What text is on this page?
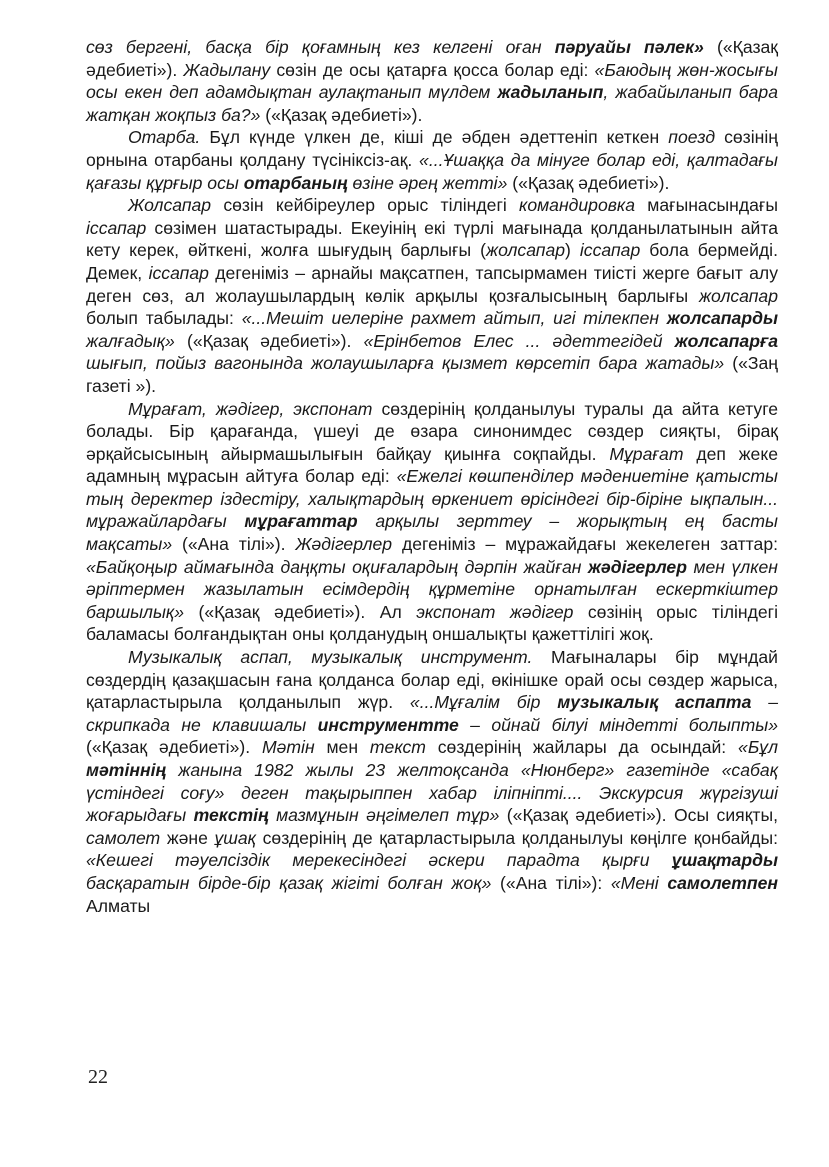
сөз бергені, басқа бір қоғамның кез келгені оған пәруайы пәлек» («Қазақ әдебиеті»). Жадылану сөзін де осы қатарға қосса болар еді: «Баюдың жөн-жосығы осы екен деп адамдықтан аулақтанып мүлдем жадыланып, жабайыланып бара жатқан жоқпыз ба?» («Қазақ әдебиеті»).

Отарба. Бұл күнде үлкен де, кіші де әбден әдеттеніп кеткен поезд сөзінің орнына отарбаны қолдану түсініксіз-ақ. «...Ұшаққа да мінуге болар еді, қалтадағы қағазы құрғыр осы отарбаның өзіне әрең жетті» («Қазақ әдебиеті»).

Жолсапар сөзін кейбіреулер орыс тіліндегі командировка мағынасындағы іссапар сөзімен шатастырады. Екеуінің екі түрлі мағынада қолданылатынын айта кету керек, өйткені, жолға шығудың барлығы (жолсапар) іссапар бола бермейді. Демек, іссапар дегеніміз – арнайы мақсатпен, тапсырмамен тиісті жерге бағыт алу деген сөз, ал жолаушылардың көлік арқылы қозғалысының барлығы жолсапар болып табылады: «...Мешіт иелеріне рахмет айтып, игі тілекпен жолсапарды жалғадық» («Қазақ әдебиеті»). «Ерінбетов Елес ... әдеттегідей жолсапарға шығып, пойыз вагонында жолаушыларға қызмет көрсетіп бара жатады» («Заң газеті »).

Мұрағат, жәдігер, экспонат сөздерінің қолданылуы туралы да айта кетуге болады. Бір қарағанда, үшеуі де өзара синонимдес сөздер сияқты, бірақ әрқайсысының айырмашылығын байқау қиынға соқпайды. Мұрағат деп жеке адамның мұрасын айтуға болар еді: «Ежелгі көшпенділер мәдениетіне қатысты тың деректер іздестіру, халықтардың өркениет өрісіндегі бір-біріне ықпалын... мұражайлардағы мұрағаттар арқылы зерттеу – жорықтың ең басты мақсаты» («Ана тілі»). Жәдігерлер дегеніміз – мұражайдағы жекелеген заттар: «Байқоңыр аймағында даңқты оқиғалардың дәрпін жайған жәдігерлер мен үлкен әріптермен жазылатын есімдердің құрметіне орнатылған ескерткіштер баршылық» («Қазақ әдебиеті»). Ал экспонат жәдігер сөзінің орыс тіліндегі баламасы болғандықтан оны қолданудың оншалықты қажеттілігі жоқ.

Музыкалық аспап, музыкалық инструмент. Мағыналары бір мұндай сөздердің қазақшасын ғана қолданса болар еді, өкінішке орай осы сөздер жарыса, қатарластырыла қолданылып жүр. «...Мұғалім бір музыкалық аспапта – скрипкада не клавишалы инструментте – ойнай білуі міндетті болыпты» («Қазақ әдебиеті»). Мәтін мен текст сөздерінің жайлары да осындай: «Бұл мәтіннің жанына 1982 жылы 23 желтоқсанда «Нюнберг» газетінде «сабақ үстіндегі соғу» деген тақырыппен хабар іліпніпті.... Экскурсия жүргізуші жоғарыдағы текстің мазмұнын әңгімелеп тұр» («Қазақ әдебиеті»). Осы сияқты, самолет және ұшақ сөздерінің де қатарластырыла қолданылуы көңілге қонбайды: «Кешегі тәуелсіздік мерекесіндегі әскери парадта қырғи ұшақтарды басқаратын бірде-бір қазақ жігіті болған жоқ» («Ана тілі»): «Мені самолетпен Алматы

22
